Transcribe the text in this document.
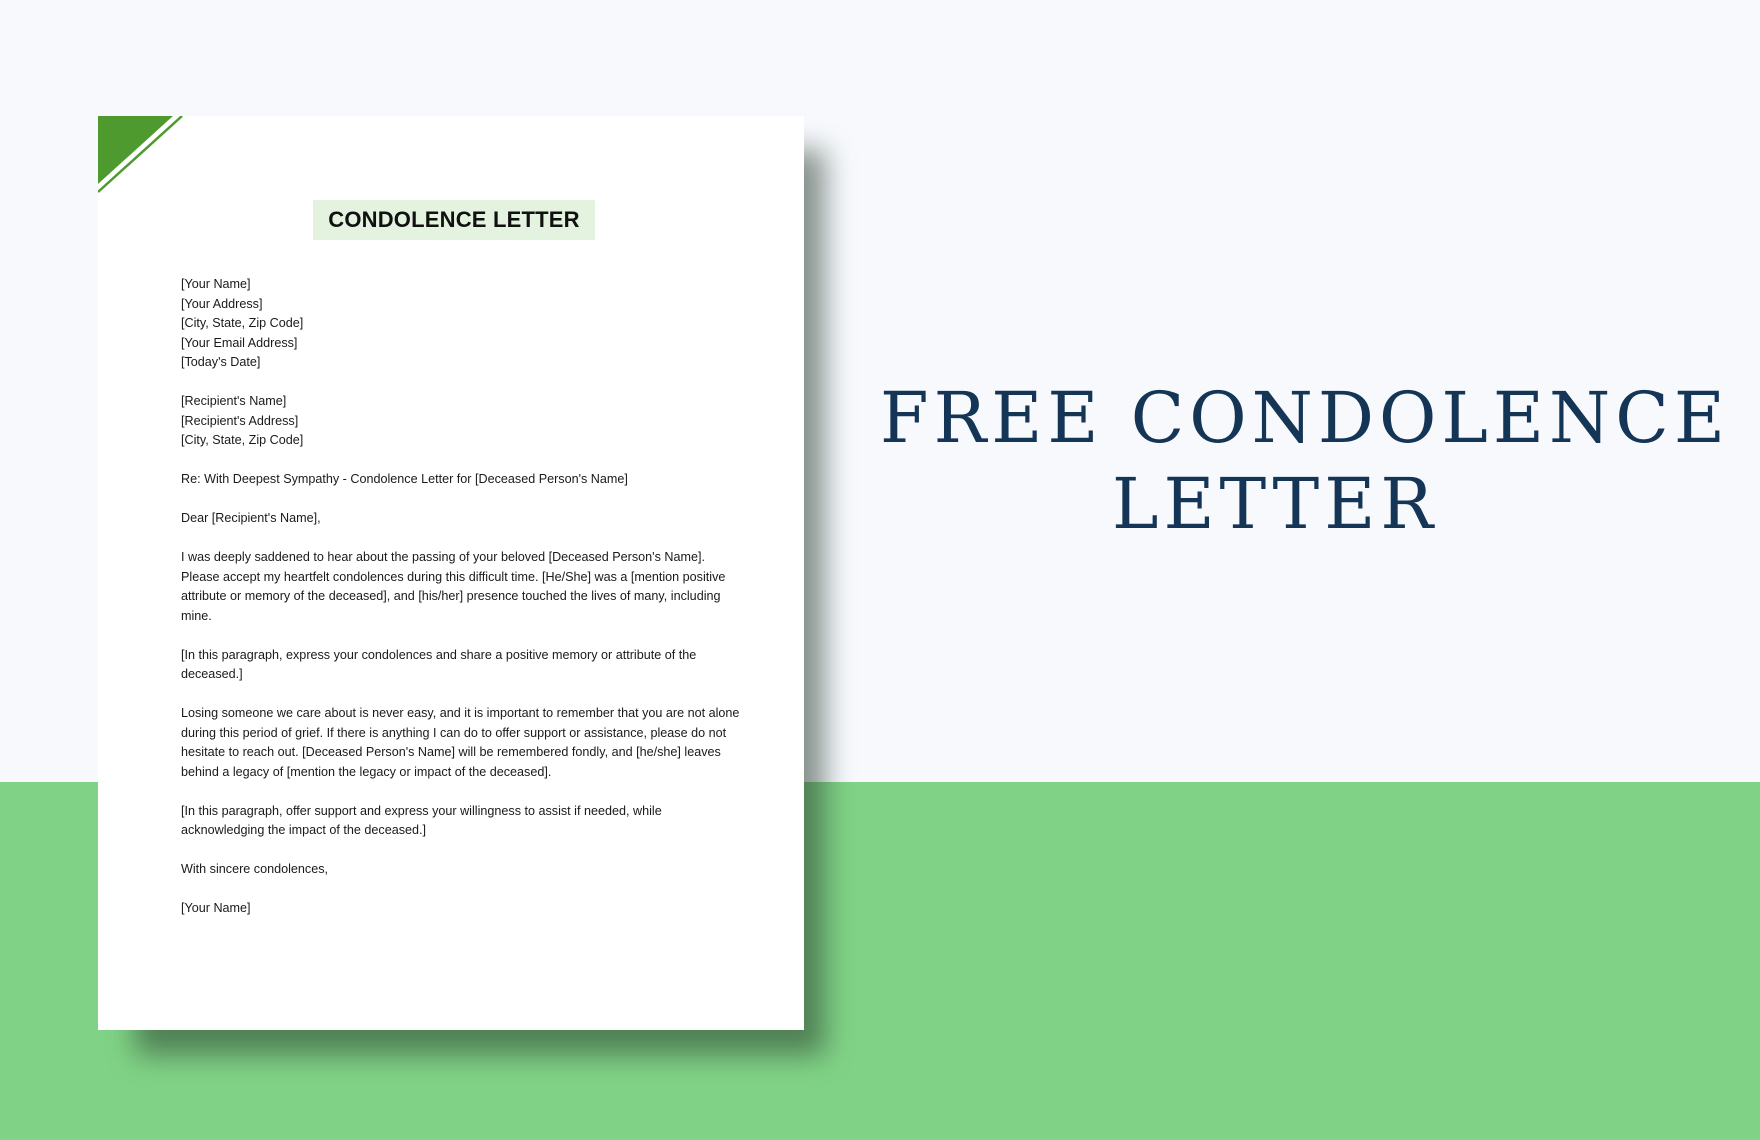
CONDOLENCE LETTER

[Your Name]
[Your Address]
[City, State, Zip Code]
[Your Email Address]
[Today's Date]

[Recipient's Name]
[Recipient's Address]
[City, State, Zip Code]

Re: With Deepest Sympathy - Condolence Letter for [Deceased Person's Name]

Dear [Recipient's Name],

I was deeply saddened to hear about the passing of your beloved [Deceased Person's Name]. Please accept my heartfelt condolences during this difficult time. [He/She] was a [mention positive attribute or memory of the deceased], and [his/her] presence touched the lives of many, including mine.

[In this paragraph, express your condolences and share a positive memory or attribute of the deceased.]

Losing someone we care about is never easy, and it is important to remember that you are not alone during this period of grief. If there is anything I can do to offer support or assistance, please do not hesitate to reach out. [Deceased Person's Name] will be remembered fondly, and [he/she] leaves behind a legacy of [mention the legacy or impact of the deceased].

[In this paragraph, offer support and express your willingness to assist if needed, while acknowledging the impact of the deceased.]

With sincere condolences,

[Your Name]

FREE CONDOLENCE
LETTER
